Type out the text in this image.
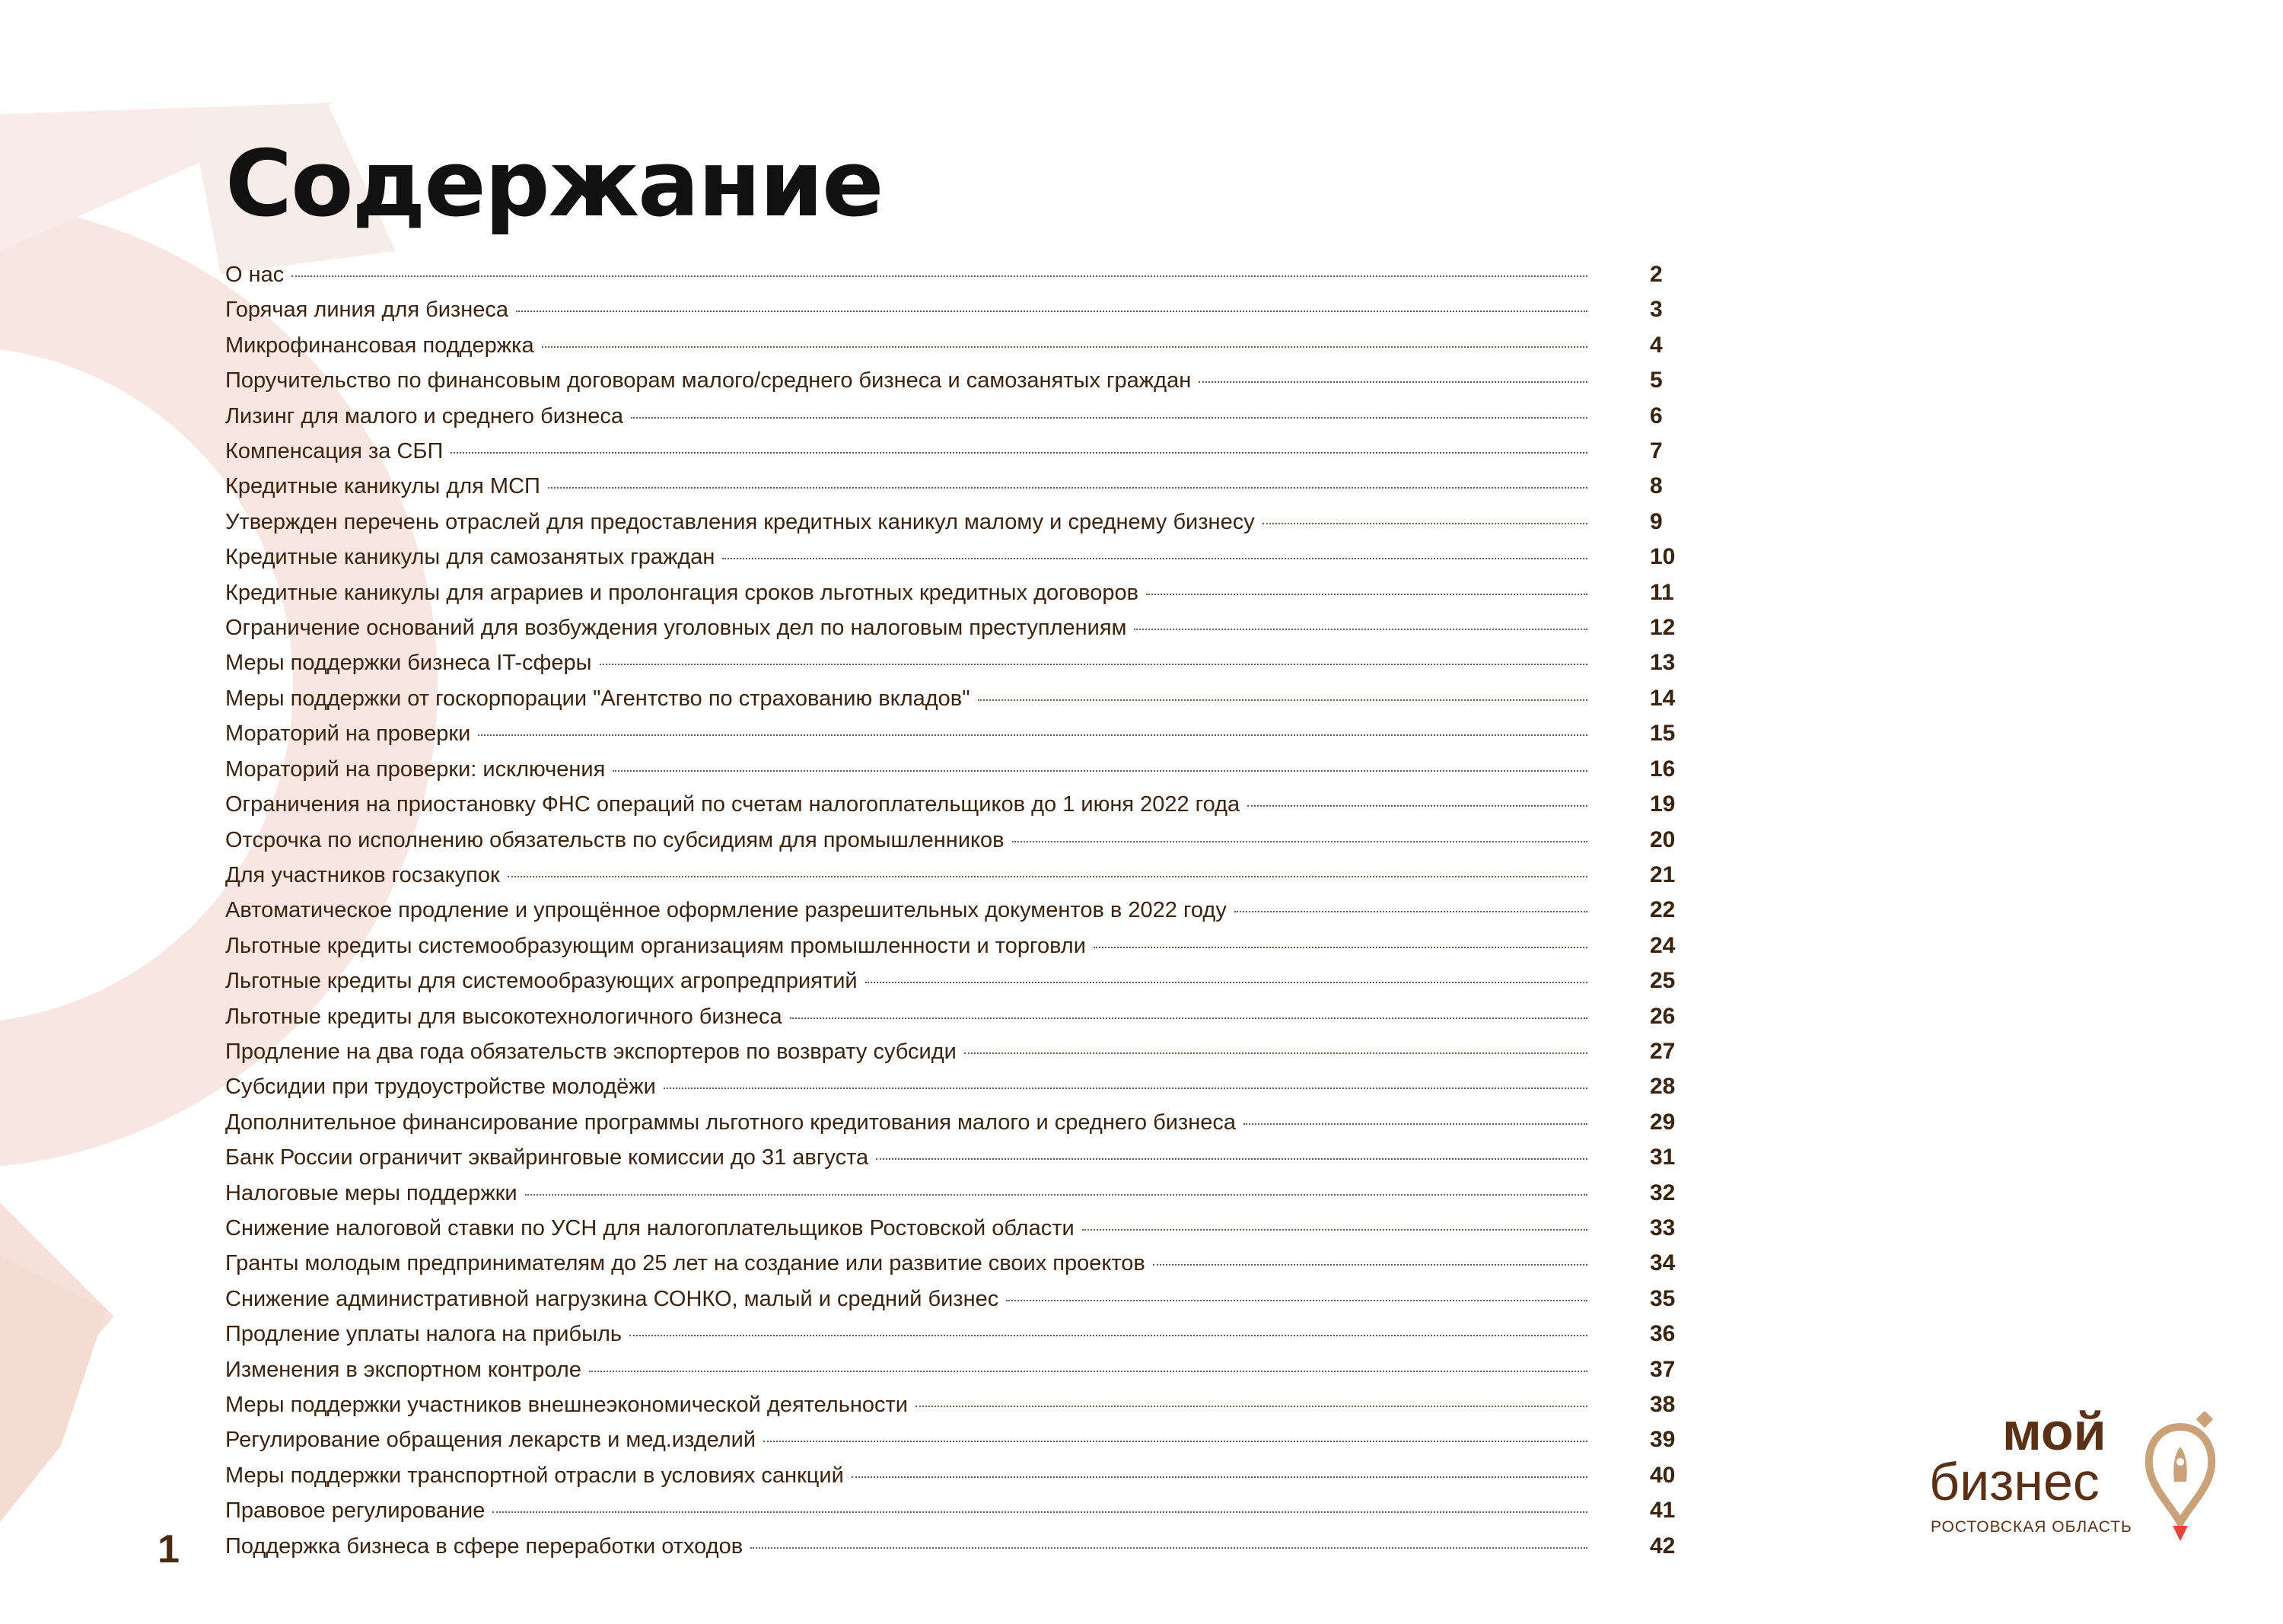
Содержание
О нас	2
Горячая линия для бизнеса	3
Микрофинансовая поддержка	4
Поручительство по финансовым договорам малого/среднего бизнеса и самозанятых граждан	5
Лизинг для малого и среднего бизнеса	6
Компенсация за СБП	7
Кредитные каникулы для МСП	8
Утвержден перечень отраслей для предоставления кредитных каникул малому и среднему бизнесу	9
Кредитные каникулы для самозанятых граждан	10
Кредитные каникулы для аграриев и пролонгация сроков льготных кредитных договоров	11
Ограничение оснований для возбуждения уголовных дел по налоговым преступлениям	12
Меры поддержки бизнеса IT-сферы	13
Меры поддержки от госкорпорации "Агентство по страхованию вкладов"	14
Мораторий на проверки	15
Мораторий на проверки: исключения	16
Ограничения на приостановку ФНС операций по счетам налогоплательщиков до 1 июня 2022 года	19
Отсрочка по исполнению обязательств по субсидиям для промышленников	20
Для участников госзакупок	21
Автоматическое продление и упрощённое оформление разрешительных документов в 2022 году	22
Льготные кредиты системообразующим организациям промышленности и торговли	24
Льготные кредиты для системообразующих агропредприятий	25
Льготные кредиты для высокотехнологичного бизнеса	26
Продление на два года обязательств экспортеров по возврату субсиди	27
Субсидии при трудоустройстве молодёжи	28
Дополнительное финансирование программы льготного кредитования малого и среднего бизнеса	29
Банк России ограничит эквайринговые комиссии до 31 августа	31
Налоговые меры поддержки	32
Снижение налоговой ставки по УСН для налогоплательщиков Ростовской области	33
Гранты молодым предпринимателям до 25 лет на создание или развитие своих проектов	34
Снижение административной нагрузкина СОНКО, малый и средний бизнес	35
Продление уплаты налога на прибыль	36
Изменения в экспортном контроле	37
Меры поддержки участников внешнеэкономической деятельности	38
Регулирование обращения лекарств и мед.изделий	39
Меры поддержки транспортной отрасли в условиях санкций	40
Правовое регулирование	41
Поддержка бизнеса в сфере переработки отходов	42
1
мой
бизнес
РОСТОВСКАЯ ОБЛАСТЬ
